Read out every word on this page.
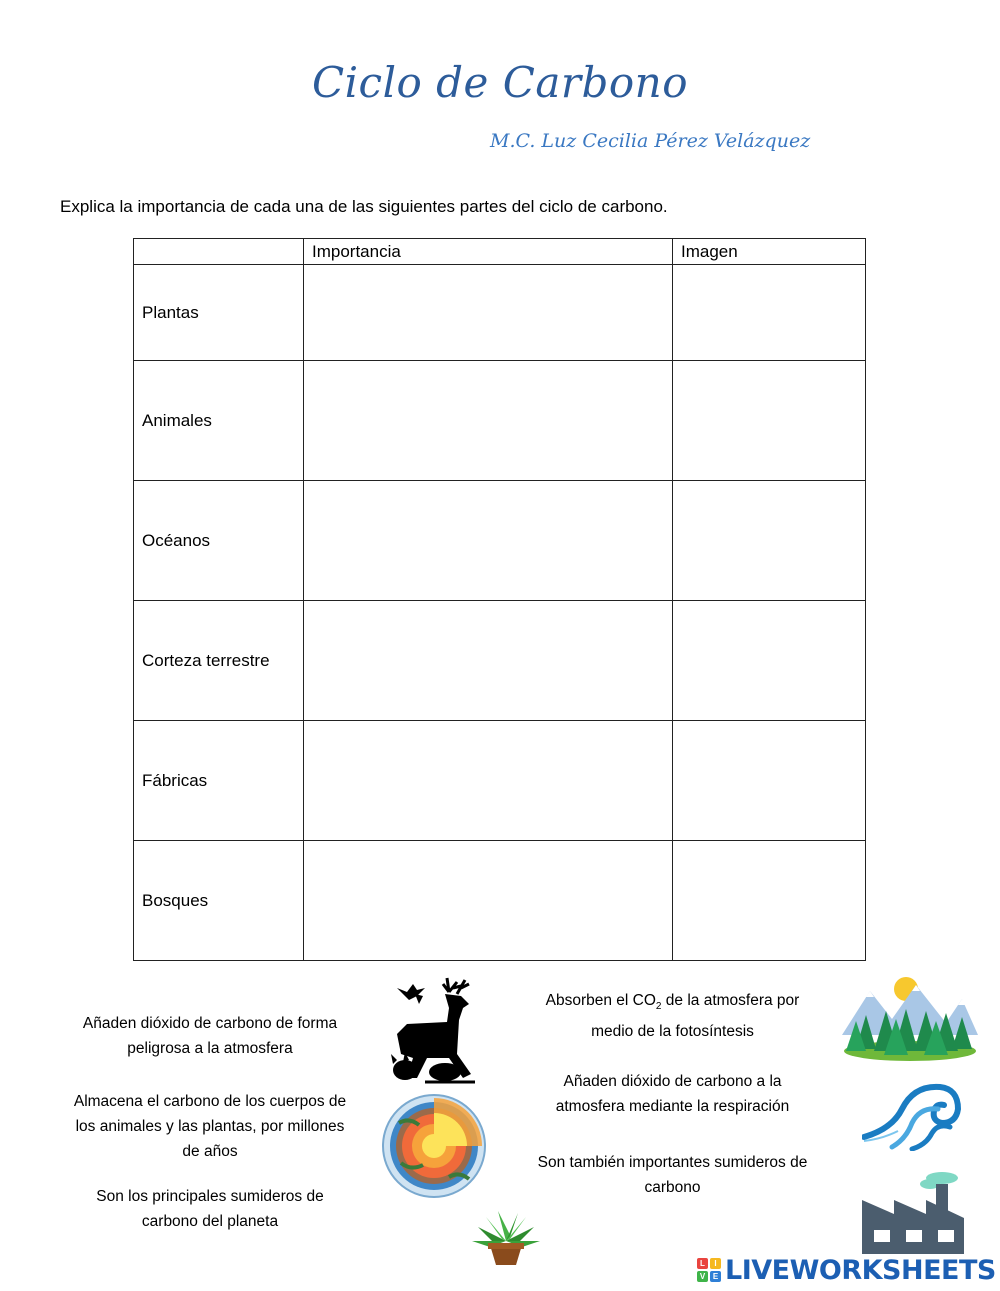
Ciclo de Carbono
M.C. Luz Cecilia Pérez Velázquez
Explica la importancia de cada una de las siguientes partes del ciclo de carbono.
	Importancia	Imagen
Plantas		
Animales		
Océanos		
Corteza terrestre		
Fábricas		
Bosques		
Añaden dióxido de carbono de forma peligrosa a la atmosfera
Almacena el carbono de los cuerpos de los animales y las plantas, por millones de años
Son los principales sumideros de carbono del planeta
Absorben el $CO_2$ de la atmosfera por medio de la fotosíntesis
Añaden dióxido de carbono a la atmosfera mediante la respiración
Son también importantes sumideros de carbono
L	I
V E LIVEWORKSHEETS
